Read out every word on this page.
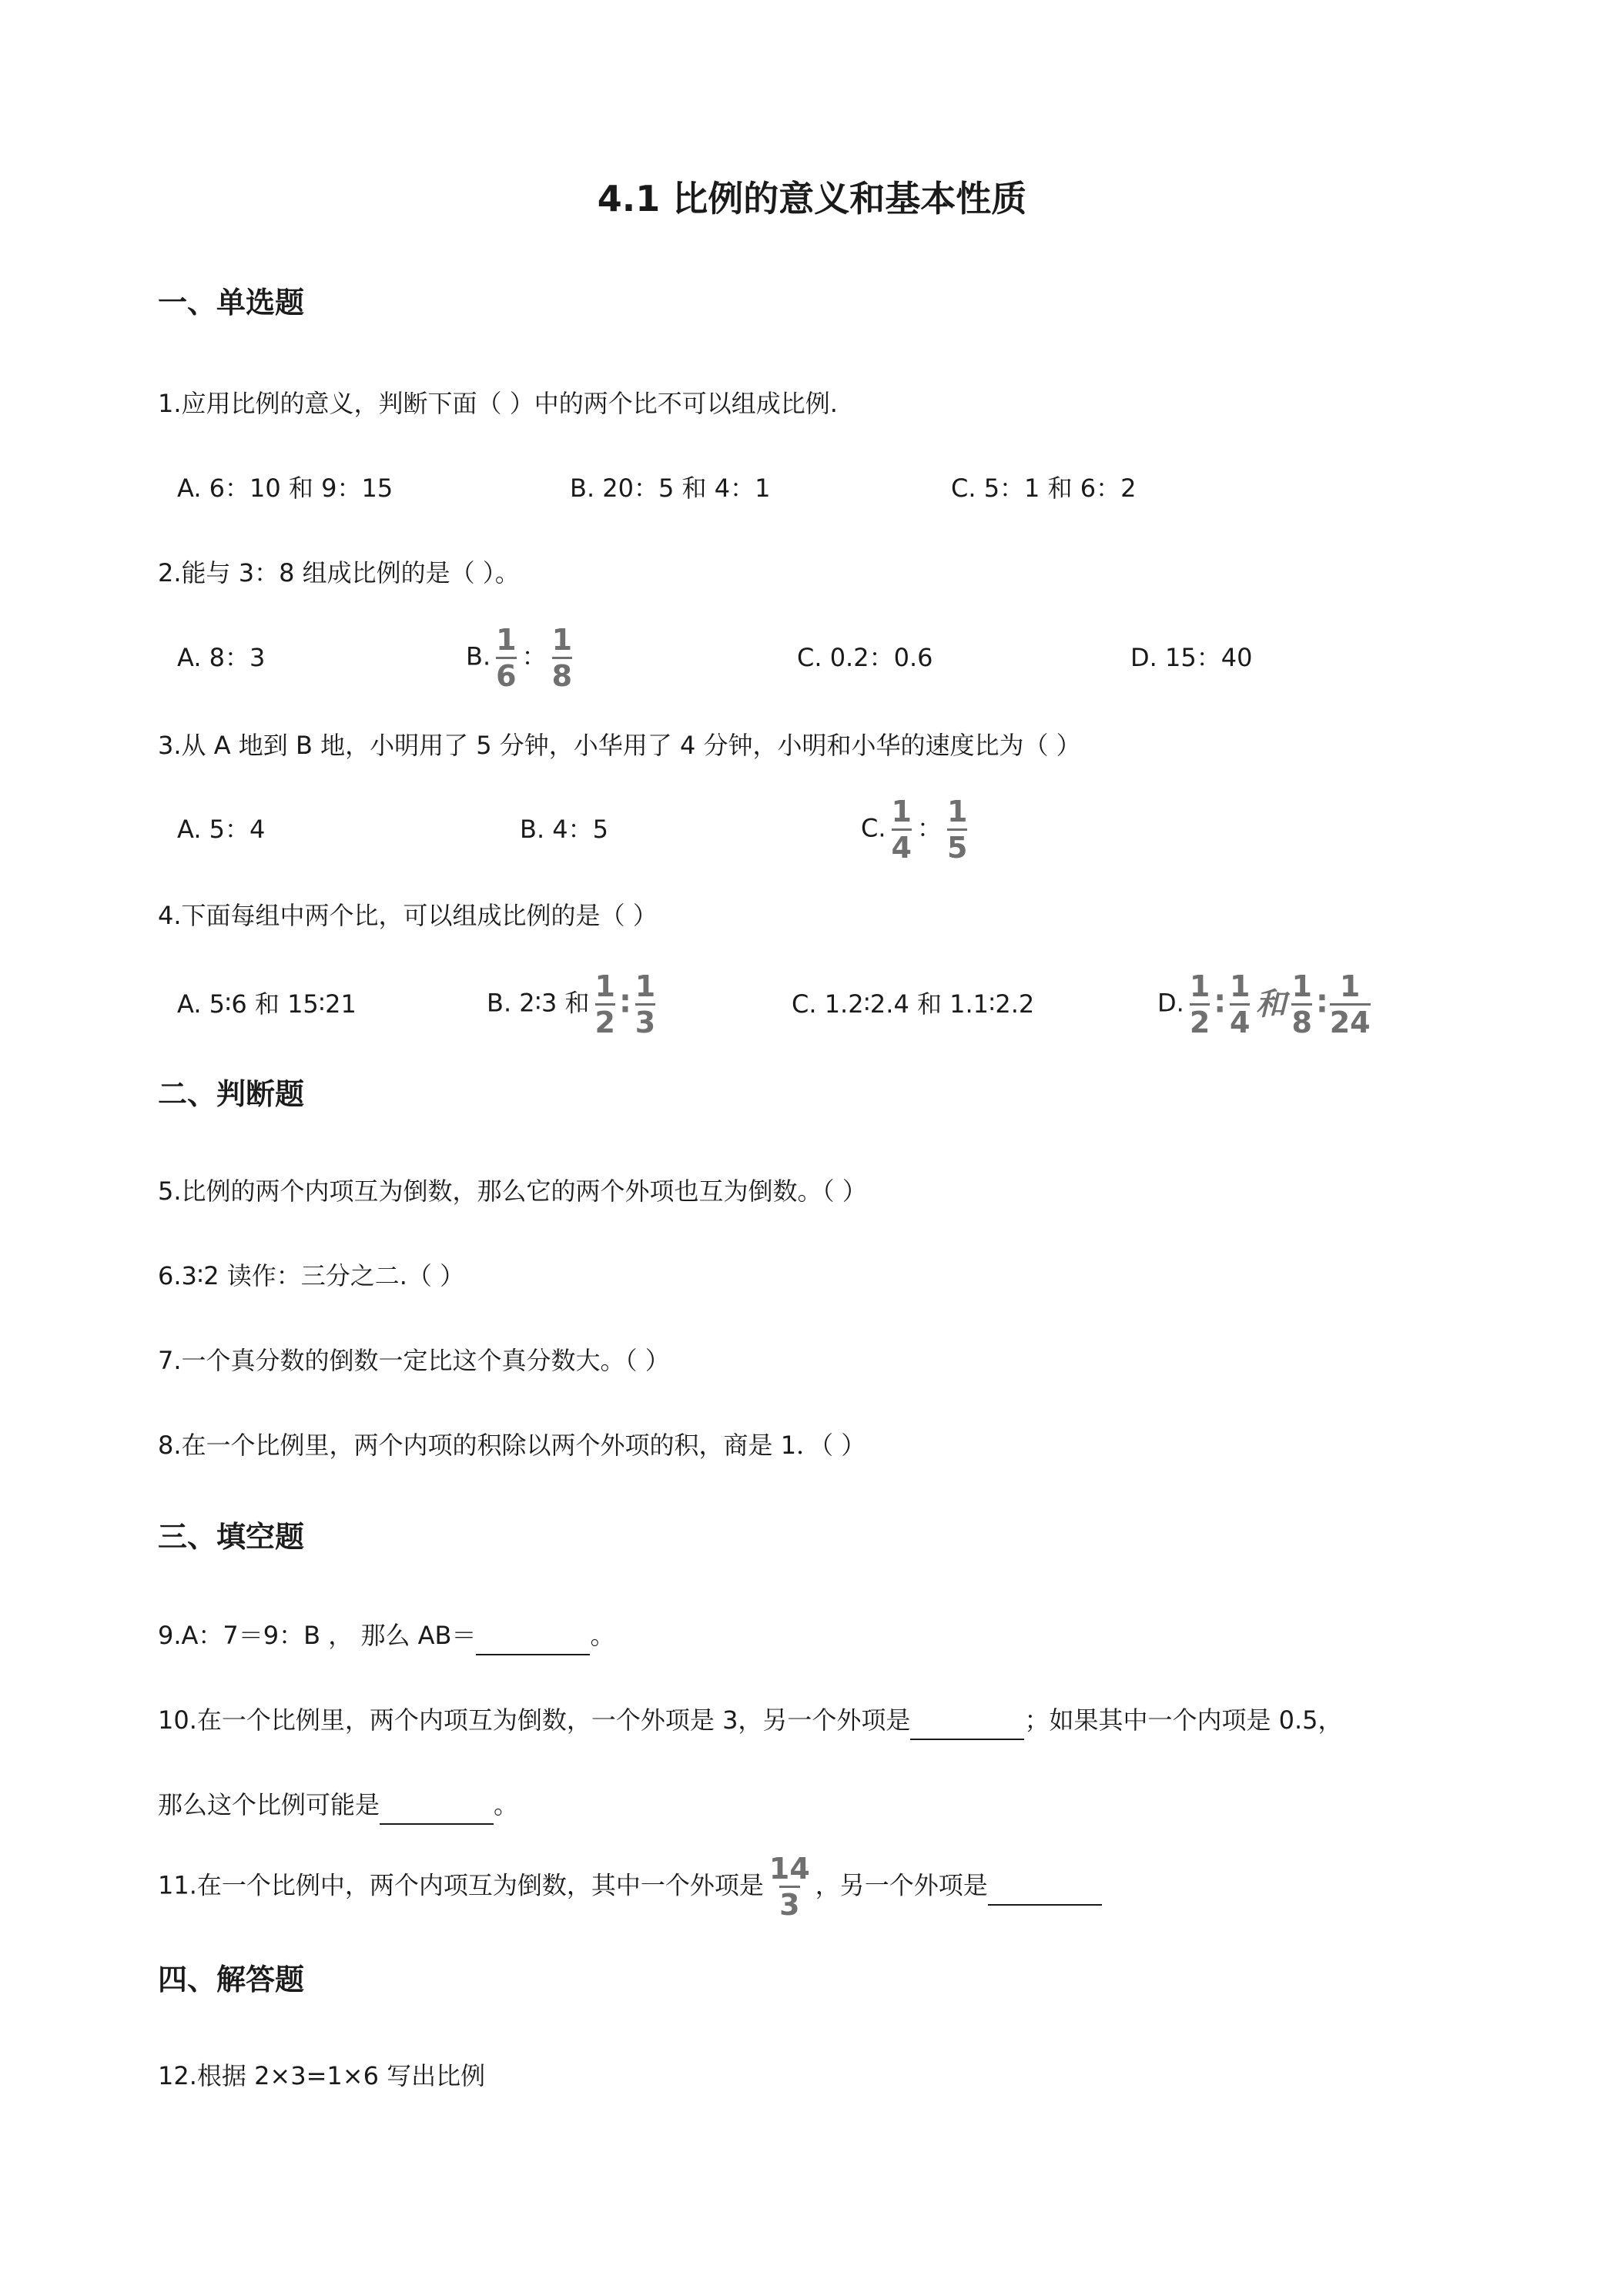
4.1 比例的意义和基本性质
一、单选题

1.应用比例的意义，判断下面（ ）中的两个比不可以组成比例.

A. 6：10 和 9：15	B. 20：5 和 4：1	C. 5：1 和 6：2

2.能与 3：8 组成比例的是（ ）。

A. 8：3	B. $\frac{1}{6}$ ： $\frac{1}{8}$	C. 0.2：0.6	D. 15：40

3.从 A 地到 B 地，小明用了 5 分钟，小华用了 4 分钟，小明和小华的速度比为（ ）

A. 5：4	B. 4：5	C. $\frac{1}{4}$ ： $\frac{1}{5}$

4.下面每组中两个比，可以组成比例的是（ ）

A. 5∶6 和 15∶21	B. 2∶3 和 $\frac{1}{2}$ ∶ $\frac{1}{3}$	C. 1.2∶2.4 和 1.1∶2.2	D. $\frac{1}{2}$ ∶ $\frac{1}{4}$ 和 $\frac{1}{8}$ ∶ $\frac{1}{24}$
二、判断题

5.比例的两个内项互为倒数，那么它的两个外项也互为倒数。（ ）

6.3∶2 读作：三分之二.（ ）

7.一个真分数的倒数一定比这个真分数大。（ ）

8.在一个比例里，两个内项的积除以两个外项的积，商是 1．（ ）

三、填空题

9.A：7＝9：B ， 那么 AB＝	。

10.在一个比例里，两个内项互为倒数，一个外项是 3，另一个外项是	；如果其中一个内项是 0.5，

那么这个比例可能是	。

11.在一个比例中，两个内项互为倒数，其中一个外项是 $\frac{14}{3}$ ，另一个外项是

四、解答题

12.根据 2×3=1×6 写出比例
